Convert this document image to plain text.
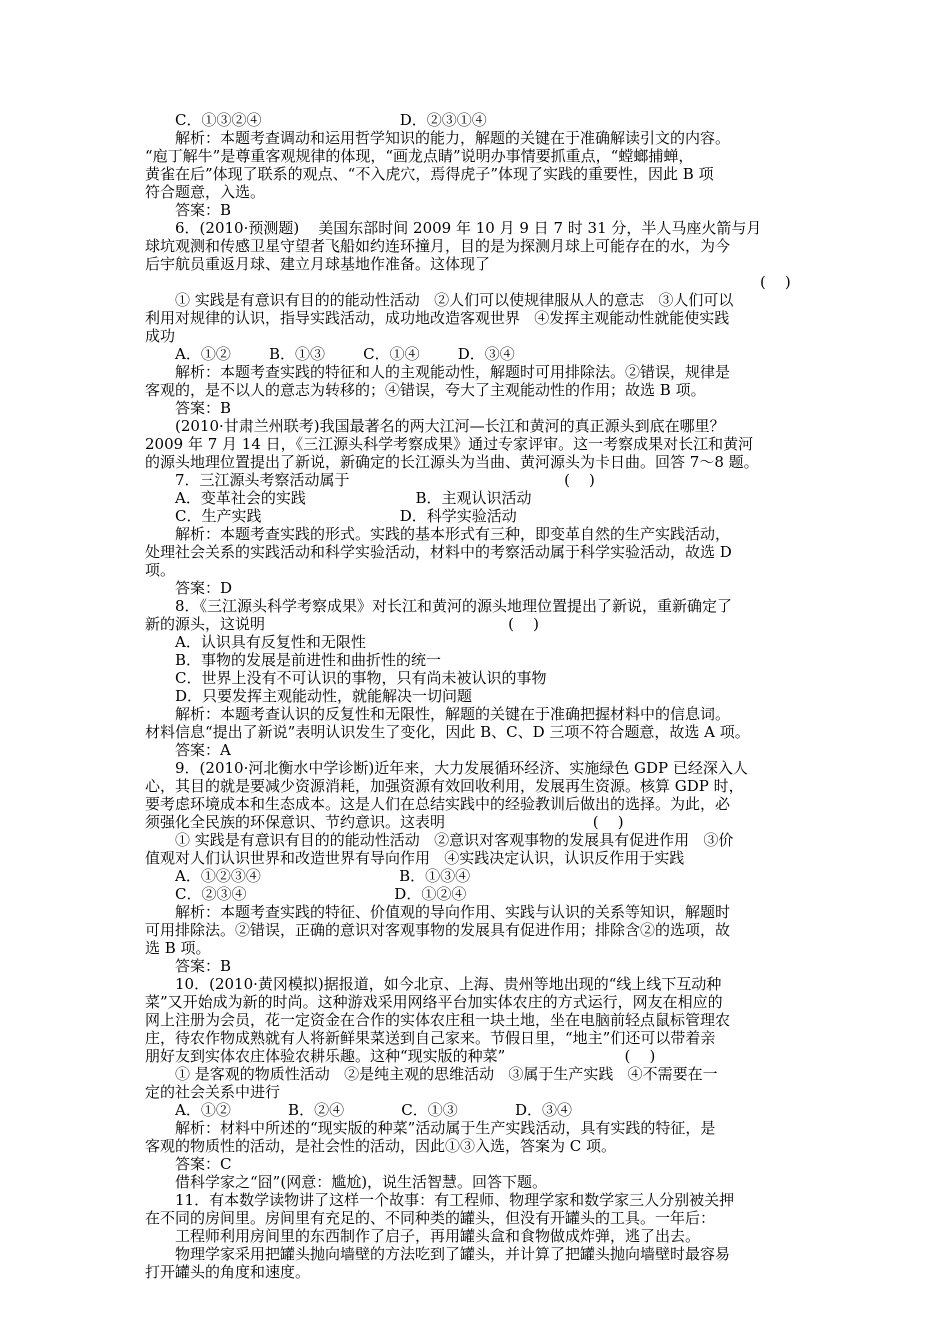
C．①③②④                             D．②③①④
解析：本题考查调动和运用哲学知识的能力，解题的关键在于准确解读引文的内容。
“庖丁解牛”是尊重客观规律的体现，“画龙点睛”说明办事情要抓重点，“螳螂捕蝉，
黄雀在后”体现了联系的观点、“不入虎穴，焉得虎子”体现了实践的重要性，因此 B 项
符合题意，入选。
答案：B
6．(2010·预测题)    美国东部时间 2009 年 10 月 9 日 7 时 31 分，半人马座火箭与月
球坑观测和传感卫星守望者飞船如约连环撞月，目的是为探测月球上可能存在的水，为今
后宇航员重返月球、建立月球基地作准备。这体现了
(    )
① 实践是有意识有目的的能动性活动   ②人们可以使规律服从人的意志   ③人们可以
利用对规律的认识，指导实践活动，成功地改造客观世界   ④发挥主观能动性就能使实践
成功
A．①②        B．①③        C．①④        D．③④
解析：本题考查实践的特征和人的主观能动性，解题时可用排除法。②错误，规律是
客观的，是不以人的意志为转移的；④错误，夸大了主观能动性的作用；故选 B 项。
答案：B
(2010·甘肃兰州联考)我国最著名的两大江河—长江和黄河的真正源头到底在哪里？
2009 年 7 月 14 日，《三江源头科学考察成果》通过专家评审。这一考察成果对长江和黄河
的源头地理位置提出了新说，新确定的长江源头为当曲、黄河源头为卡日曲。回答 7～8 题。
7．三江源头考察活动属于                                             (    )
A．变革社会的实践                       B．主观认识活动
C．生产实践                             D．科学实验活动
解析：本题考查实践的形式。实践的基本形式有三种，即变革自然的生产实践活动，
处理社会关系的实践活动和科学实验活动，材料中的考察活动属于科学实验活动，故选 D
项。
答案：D
8．《三江源头科学考察成果》对长江和黄河的源头地理位置提出了新说，重新确定了
新的源头，这说明                                                   (    )
A．认识具有反复性和无限性
B．事物的发展是前进性和曲折性的统一
C．世界上没有不可认识的事物，只有尚未被认识的事物
D．只要发挥主观能动性，就能解决一切问题
解析：本题考查认识的反复性和无限性，解题的关键在于准确把握材料中的信息词。
材料信息“提出了新说”表明认识发生了变化，因此 B、C、D 三项不符合题意，故选 A 项。
答案：A
9．(2010·河北衡水中学诊断)近年来，大力发展循环经济、实施绿色 GDP 已经深入人
心，其目的就是要减少资源消耗，加强资源有效回收利用，发展再生资源。核算 GDP 时，
要考虑环境成本和生态成本。这是人们在总结实践中的经验教训后做出的选择。为此，必
须强化全民族的环保意识、节约意识。这表明                               (    )
① 实践是有意识有目的的能动性活动   ②意识对客观事物的发展具有促进作用   ③价
值观对人们认识世界和改造世界有导向作用   ④实践决定认识，认识反作用于实践
A．①②③④                             B．①③④
C．②③④                               D．①②④
解析：本题考查实践的特征、价值观的导向作用、实践与认识的关系等知识，解题时
可用排除法。②错误，正确的意识对客观事物的发展具有促进作用；排除含②的选项，故
选 B 项。
答案：B
10．(2010·黄冈模拟)据报道，如今北京、上海、贵州等地出现的“线上线下互动种
菜”又开始成为新的时尚。这种游戏采用网络平台加实体农庄的方式运行，网友在相应的
网上注册为会员，花一定资金在合作的实体农庄租一块土地，坐在电脑前轻点鼠标管理农
庄，待农作物成熟就有人将新鲜果菜送到自己家来。节假日里，“地主”们还可以带着亲
朋好友到实体农庄体验农耕乐趣。这种“现实版的种菜”                         (    )
① 是客观的物质性活动   ②是纯主观的思维活动   ③属于生产实践   ④不需要在一
定的社会关系中进行
A．①②            B．②④            C．①③            D．③④
解析：材料中所述的“现实版的种菜”活动属于生产实践活动，具有实践的特征，是
客观的物质性的活动，是社会性的活动，因此①③入选，答案为 C 项。
答案：C
借科学家之“囧”(网意：尴尬)，说生活智慧。回答下题。
11．有本数学读物讲了这样一个故事：有工程师、物理学家和数学家三人分别被关押
在不同的房间里。房间里有充足的、不同种类的罐头，但没有开罐头的工具。一年后：
工程师利用房间里的东西制作了启子，再用罐头盒和食物做成炸弹，逃了出去。
物理学家采用把罐头抛向墙壁的方法吃到了罐头，并计算了把罐头抛向墙壁时最容易
打开罐头的角度和速度。
